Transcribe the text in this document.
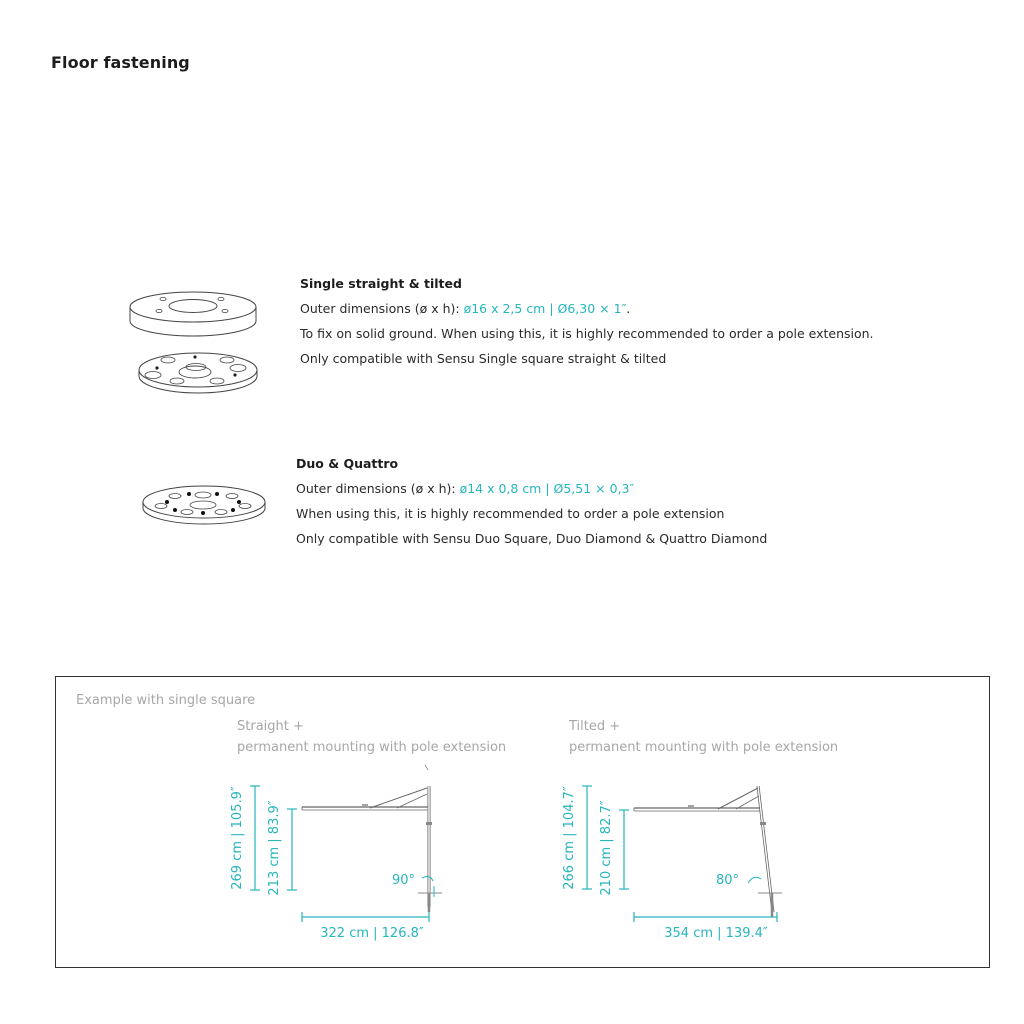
Floor fastening
Single straight & tilted
Outer dimensions (ø x h): ø16 x 2,5 cm | Ø6,30 × 1″.
To fix on solid ground. When using this, it is highly recommended to order a pole extension.
Only compatible with Sensu Single square straight & tilted
Duo & Quattro
Outer dimensions (ø x h): ø14 x 0,8 cm | Ø5,51 × 0,3″
When using this, it is highly recommended to order a pole extension
Only compatible with Sensu Duo Square, Duo Diamond & Quattro Diamond
Example with single square
Straight +
permanent mounting with pole extension
Tilted +
permanent mounting with pole extension
269 cm | 105.9″ 213 cm | 83.9″	90°
322 cm | 126.8″
266 cm | 104.7″ 210 cm | 82.7″	80°
354 cm | 139.4″
